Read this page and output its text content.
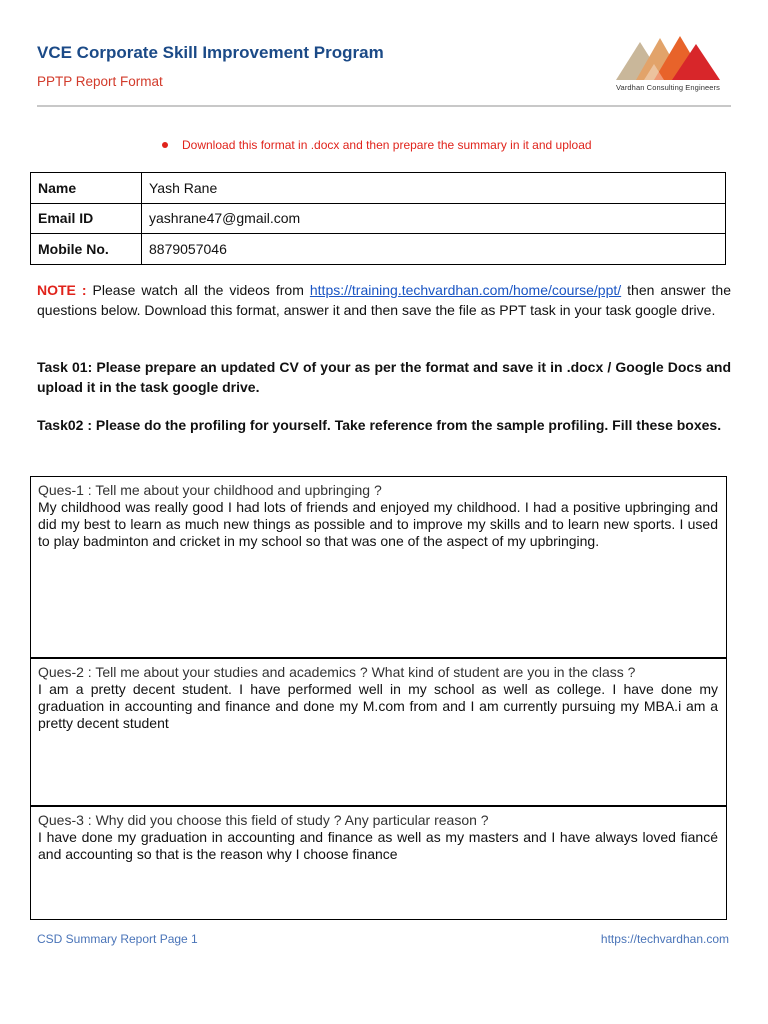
VCE Corporate Skill Improvement Program
PPTP Report Format	Vardhan Consulting Engineers
Download this format in .docx and then prepare the summary in it and upload
Name	Yash Rane
Email ID	yashrane47@gmail.com
Mobile No.	8879057046
NOTE : Please watch all the videos from https://training.techvardhan.com/home/course/ppt/ then answer the questions below. Download this format, answer it and then save the file as PPT task in your task google drive.
Task 01: Please prepare an updated CV of your as per the format and save it in .docx / Google Docs and upload it in the task google drive.
Task02 : Please do the profiling for yourself. Take reference from the sample profiling. Fill these boxes.
Ques-1 : Tell me about your childhood and upbringing ?
My childhood was really good I had lots of friends and enjoyed my childhood. I had a positive upbringing and did my best to learn as much new things as possible and to improve my skills and to learn new sports. I used to play badminton and cricket in my school so that was one of the aspect of my upbringing.
Ques-2 : Tell me about your studies and academics ? What kind of student are you in the class ?
I am a pretty decent student. I have performed well in my school as well as college. I have done my graduation in accounting and finance and done my M.com from and I am currently pursuing my MBA.i am a pretty decent student
Ques-3 : Why did you choose this field of study ? Any particular reason ?
I have done my graduation in accounting and finance as well as my masters and I have always loved fiancé and accounting so that is the reason why I choose finance
CSD Summary Report Page 1	https://techvardhan.com
